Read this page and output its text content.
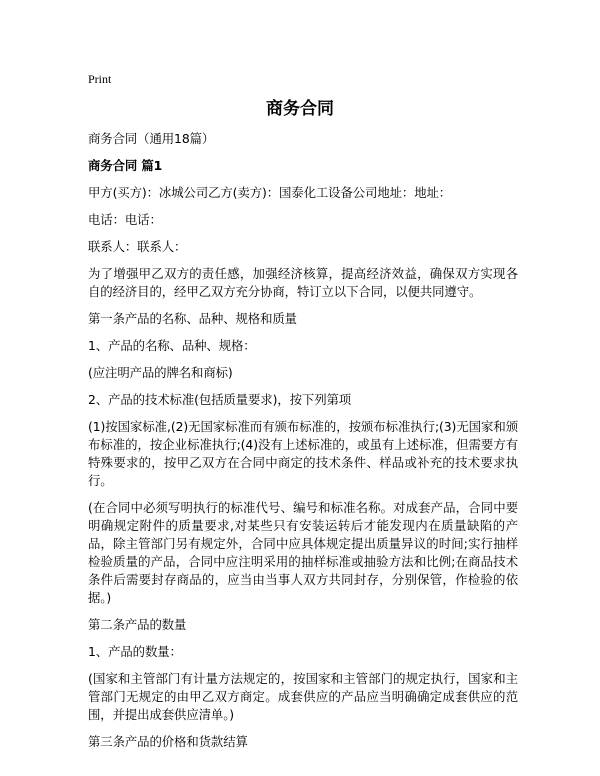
Print
商务合同

商务合同（通用18篇）

商务合同 篇1

甲方(买方)：冰城公司乙方(卖方)：国泰化工设备公司地址：地址：

电话：电话：

联系人：联系人：

为了增强甲乙双方的责任感，加强经济核算，提高经济效益，确保双方实现各自的经济目的，经甲乙双方充分协商，特订立以下合同，以便共同遵守。

第一条产品的名称、品种、规格和质量

1、产品的名称、品种、规格：

(应注明产品的牌名和商标)

2、产品的技术标准(包括质量要求)，按下列第项

(1)按国家标准,(2)无国家标准而有颁布标准的，按颁布标准执行;(3)无国家和颁布标准的，按企业标准执行;(4)没有上述标准的，或虽有上述标准，但需要方有特殊要求的，按甲乙双方在合同中商定的技术条件、样品或补充的技术要求执行。

(在合同中必须写明执行的标准代号、编号和标准名称。对成套产品，合同中要明确规定附件的质量要求,对某些只有安装运转后才能发现内在质量缺陷的产品，除主管部门另有规定外，合同中应具体规定提出质量异议的时间;实行抽样检验质量的产品，合同中应注明采用的抽样标准或抽验方法和比例;在商品技术条件后需要封存商品的，应当由当事人双方共同封存，分别保管，作检验的依据。)

第二条产品的数量

1、产品的数量：

(国家和主管部门有计量方法规定的，按国家和主管部门的规定执行，国家和主管部门无规定的由甲乙双方商定。成套供应的产品应当明确确定成套供应的范围，并提出成套供应清单。)

第三条产品的价格和货款结算
